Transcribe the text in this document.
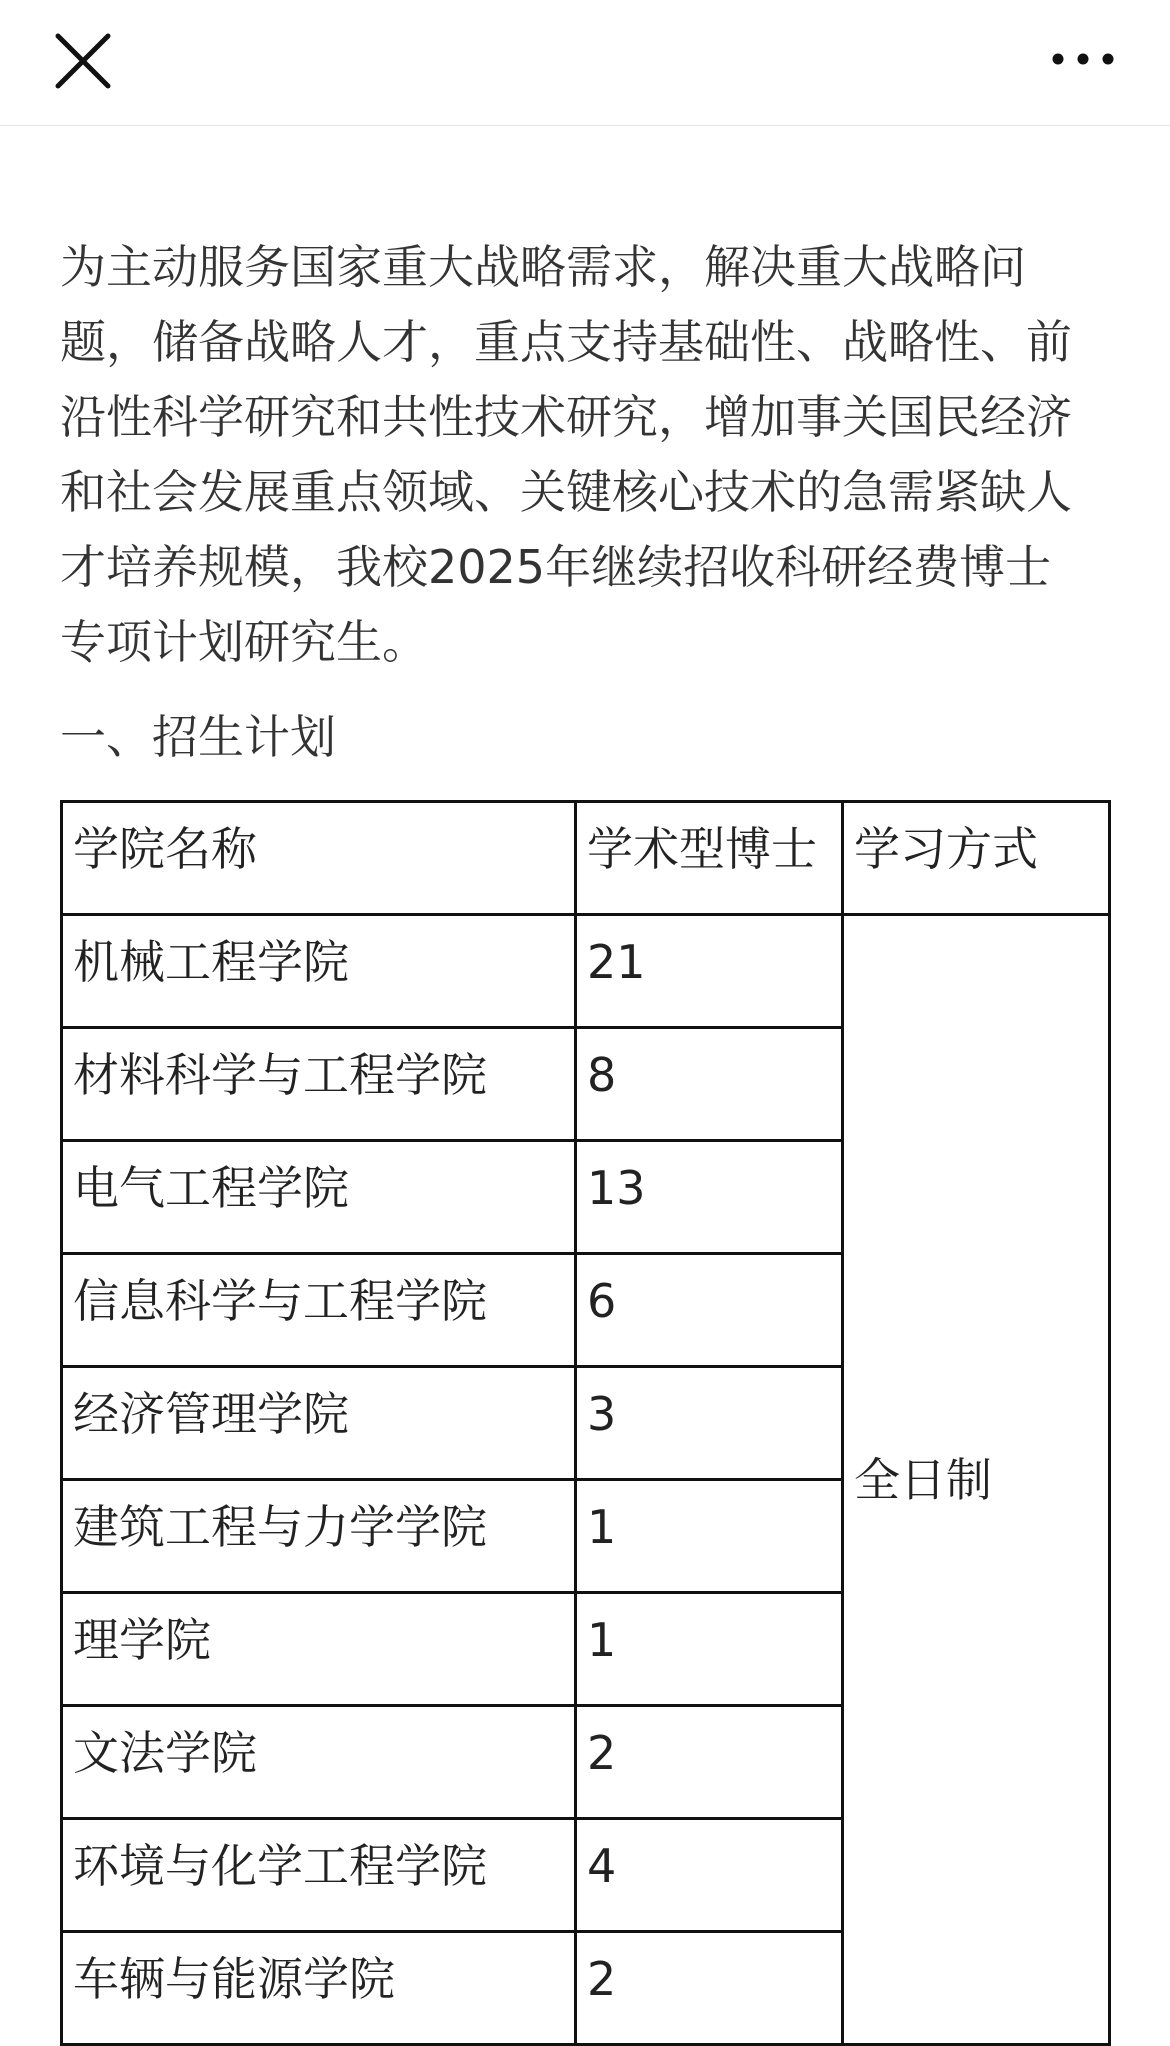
为主动服务国家重大战略需求，解决重大战略问题，储备战略人才，重点支持基础性、战略性、前沿性科学研究和共性技术研究，增加事关国民经济和社会发展重点领域、关键核心技术的急需紧缺人才培养规模，我校2025年继续招收科研经费博士专项计划研究生。

一、招生计划
学院名称	学术型博士	学习方式
机械工程学院	21	全日制
材料科学与工程学院	8	
电气工程学院	13	
信息科学与工程学院	6	
经济管理学院	3	
建筑工程与力学学院	1	
理学院	1	
文法学院	2	
环境与化学工程学院	4	
车辆与能源学院	2	
